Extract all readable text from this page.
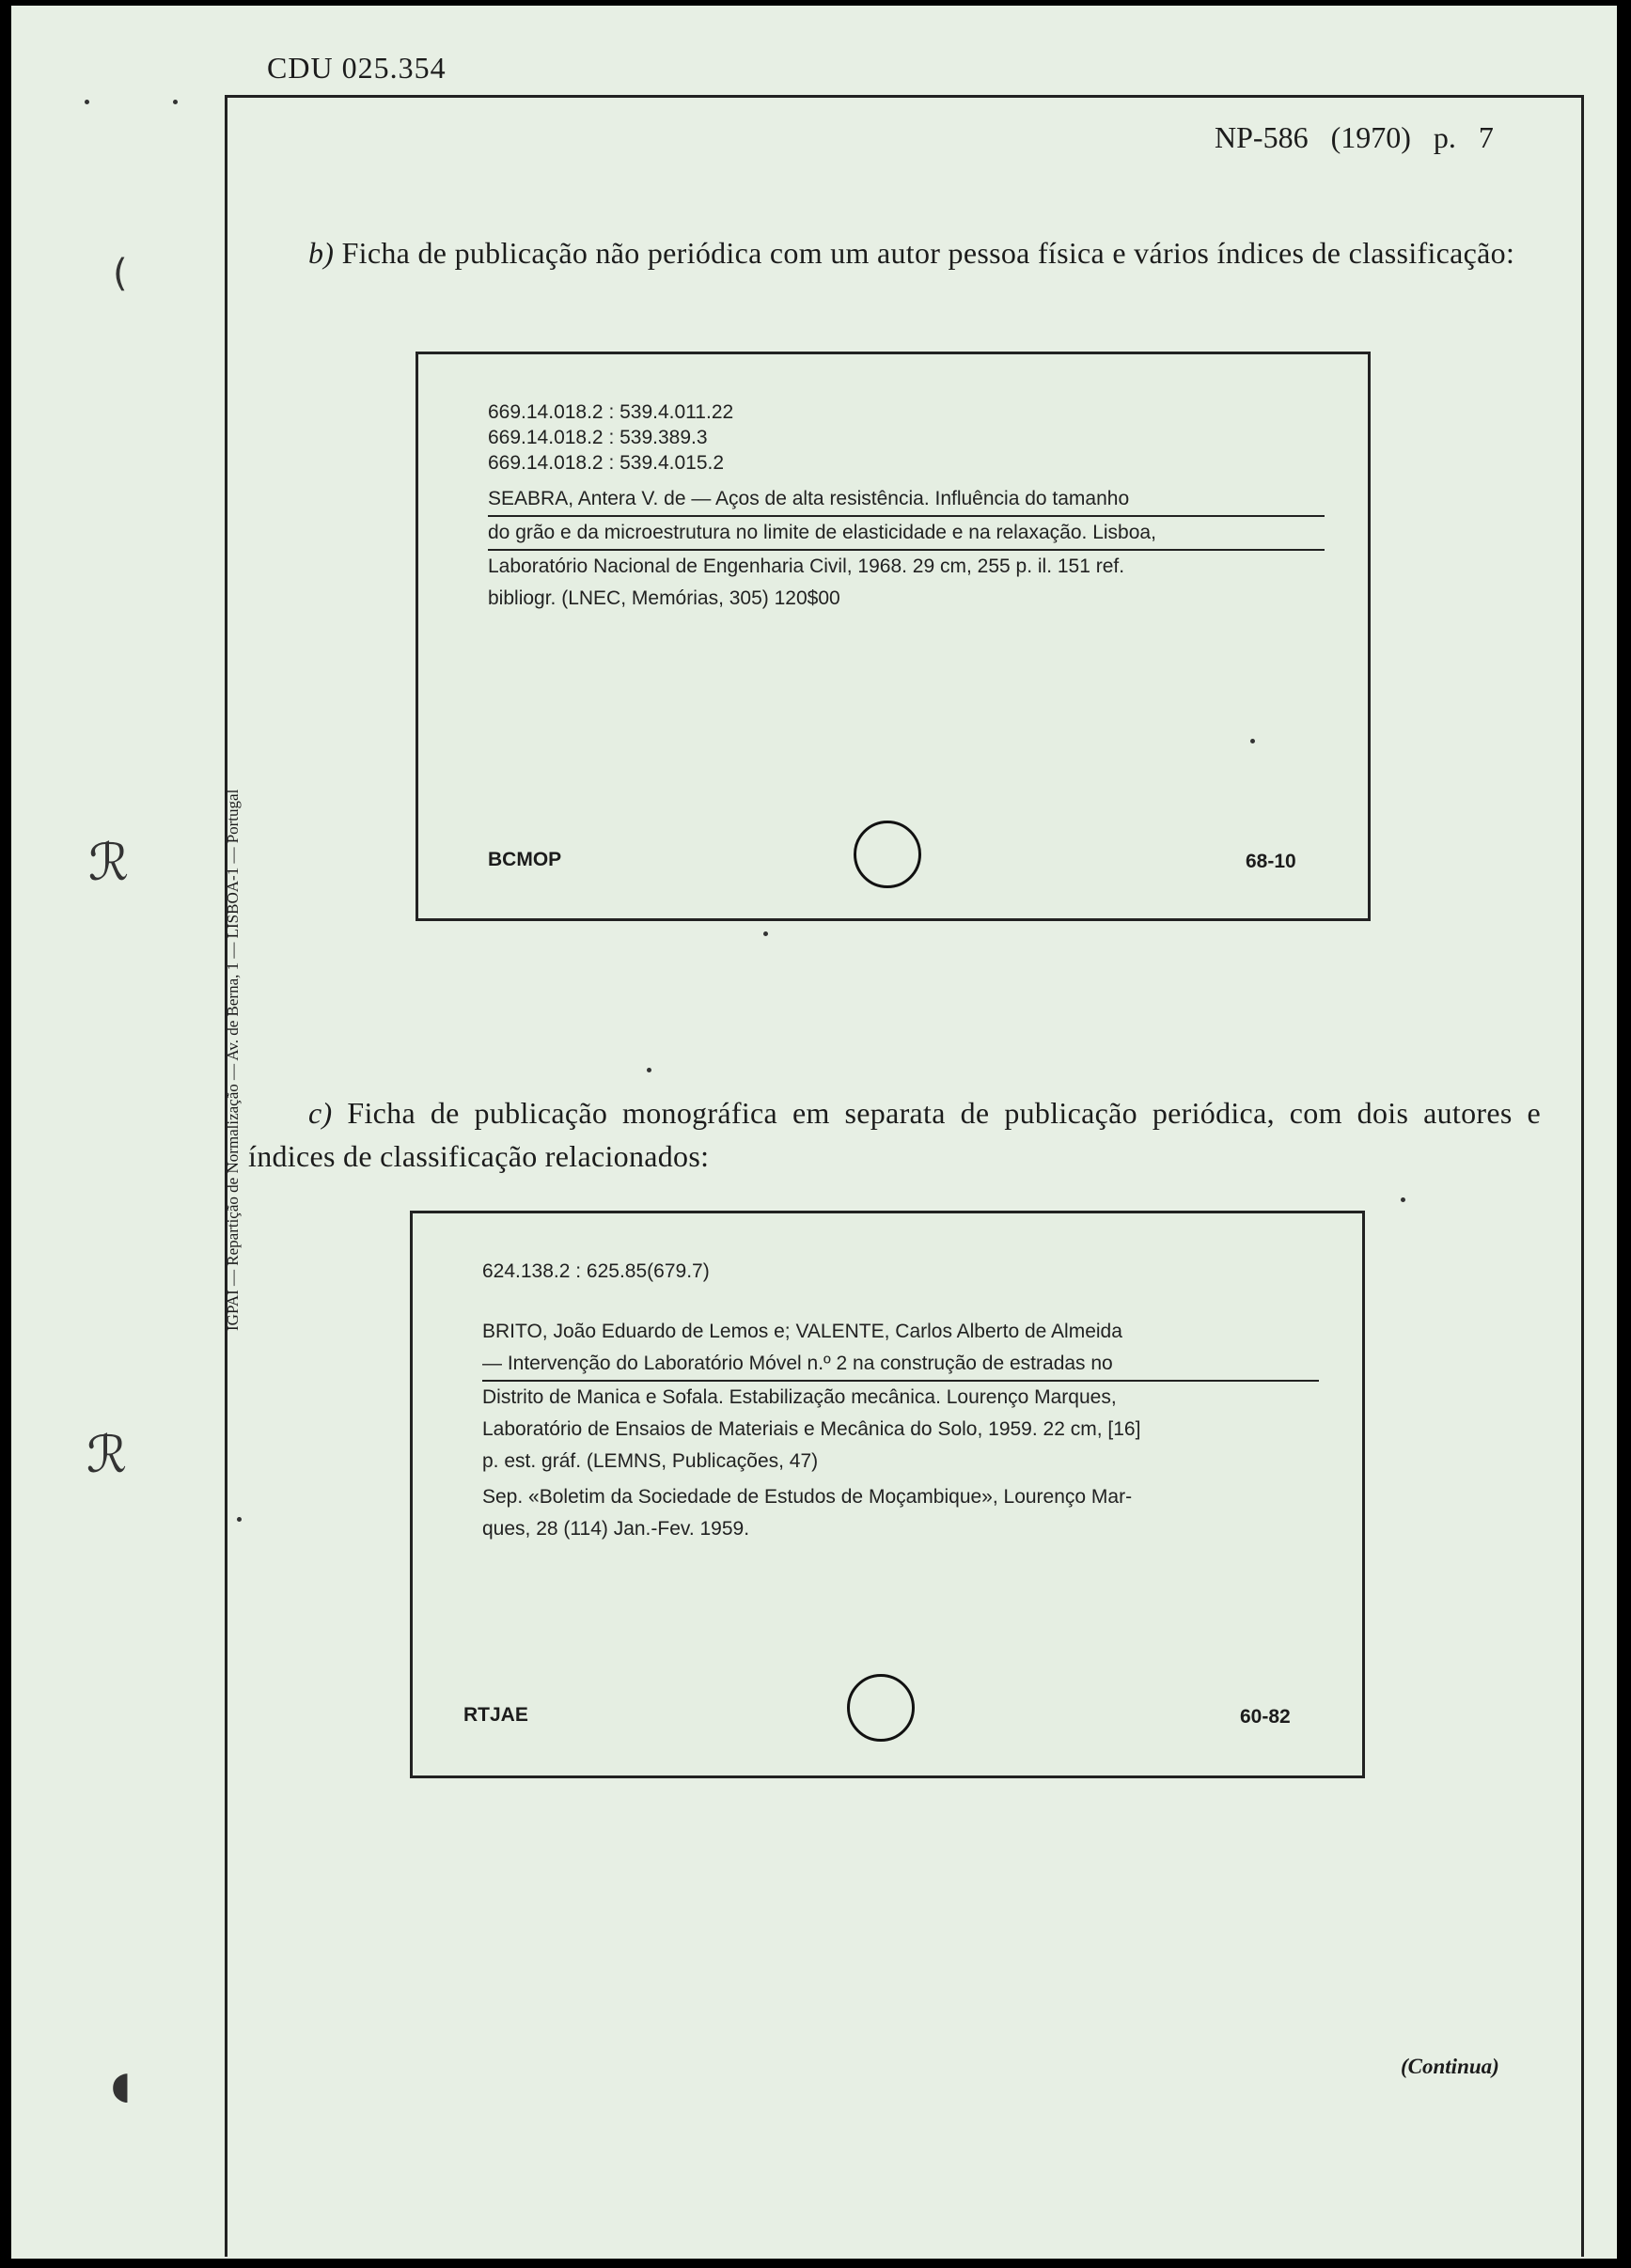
CDU 025.354
NP-586 (1970) p. 7
IGPAI — Repartição de Normalização — Av. de Berna, 1 — LISBOA-1 — Portugal
b) Ficha de publicação não periódica com um autor pessoa física e vários índices de classificação:
669.14.018.2 : 539.4.011.22
669.14.018.2 : 539.389.3
669.14.018.2 : 539.4.015.2
SEABRA, Antera V. de — Aços de alta resistência. Influência do tamanho
do grão e da microestrutura no limite de elasticidade e na relaxação. Lisboa,
Laboratório Nacional de Engenharia Civil, 1968. 29 cm, 255 p. il. 151 ref.
bibliogr. (LNEC, Memórias, 305) 120$00
BCMOP	68-10
c) Ficha de publicação monográfica em separata de publicação periódica, com dois autores e índices de classificação relacionados:
624.138.2 : 625.85(679.7)
BRITO, João Eduardo de Lemos e; VALENTE, Carlos Alberto de Almeida
— Intervenção do Laboratório Móvel n.º 2 na construção de estradas no
Distrito de Manica e Sofala. Estabilização mecânica. Lourenço Marques,
Laboratório de Ensaios de Materiais e Mecânica do Solo, 1959. 22 cm, [16]
p. est. gráf. (LEMNS, Publicações, 47)
Sep. «Boletim da Sociedade de Estudos de Moçambique», Lourenço Mar-
ques, 28 (114) Jan.-Fev. 1959.
RTJAE	60-82
(Continua)
(
ℛ
ℛ
◖
